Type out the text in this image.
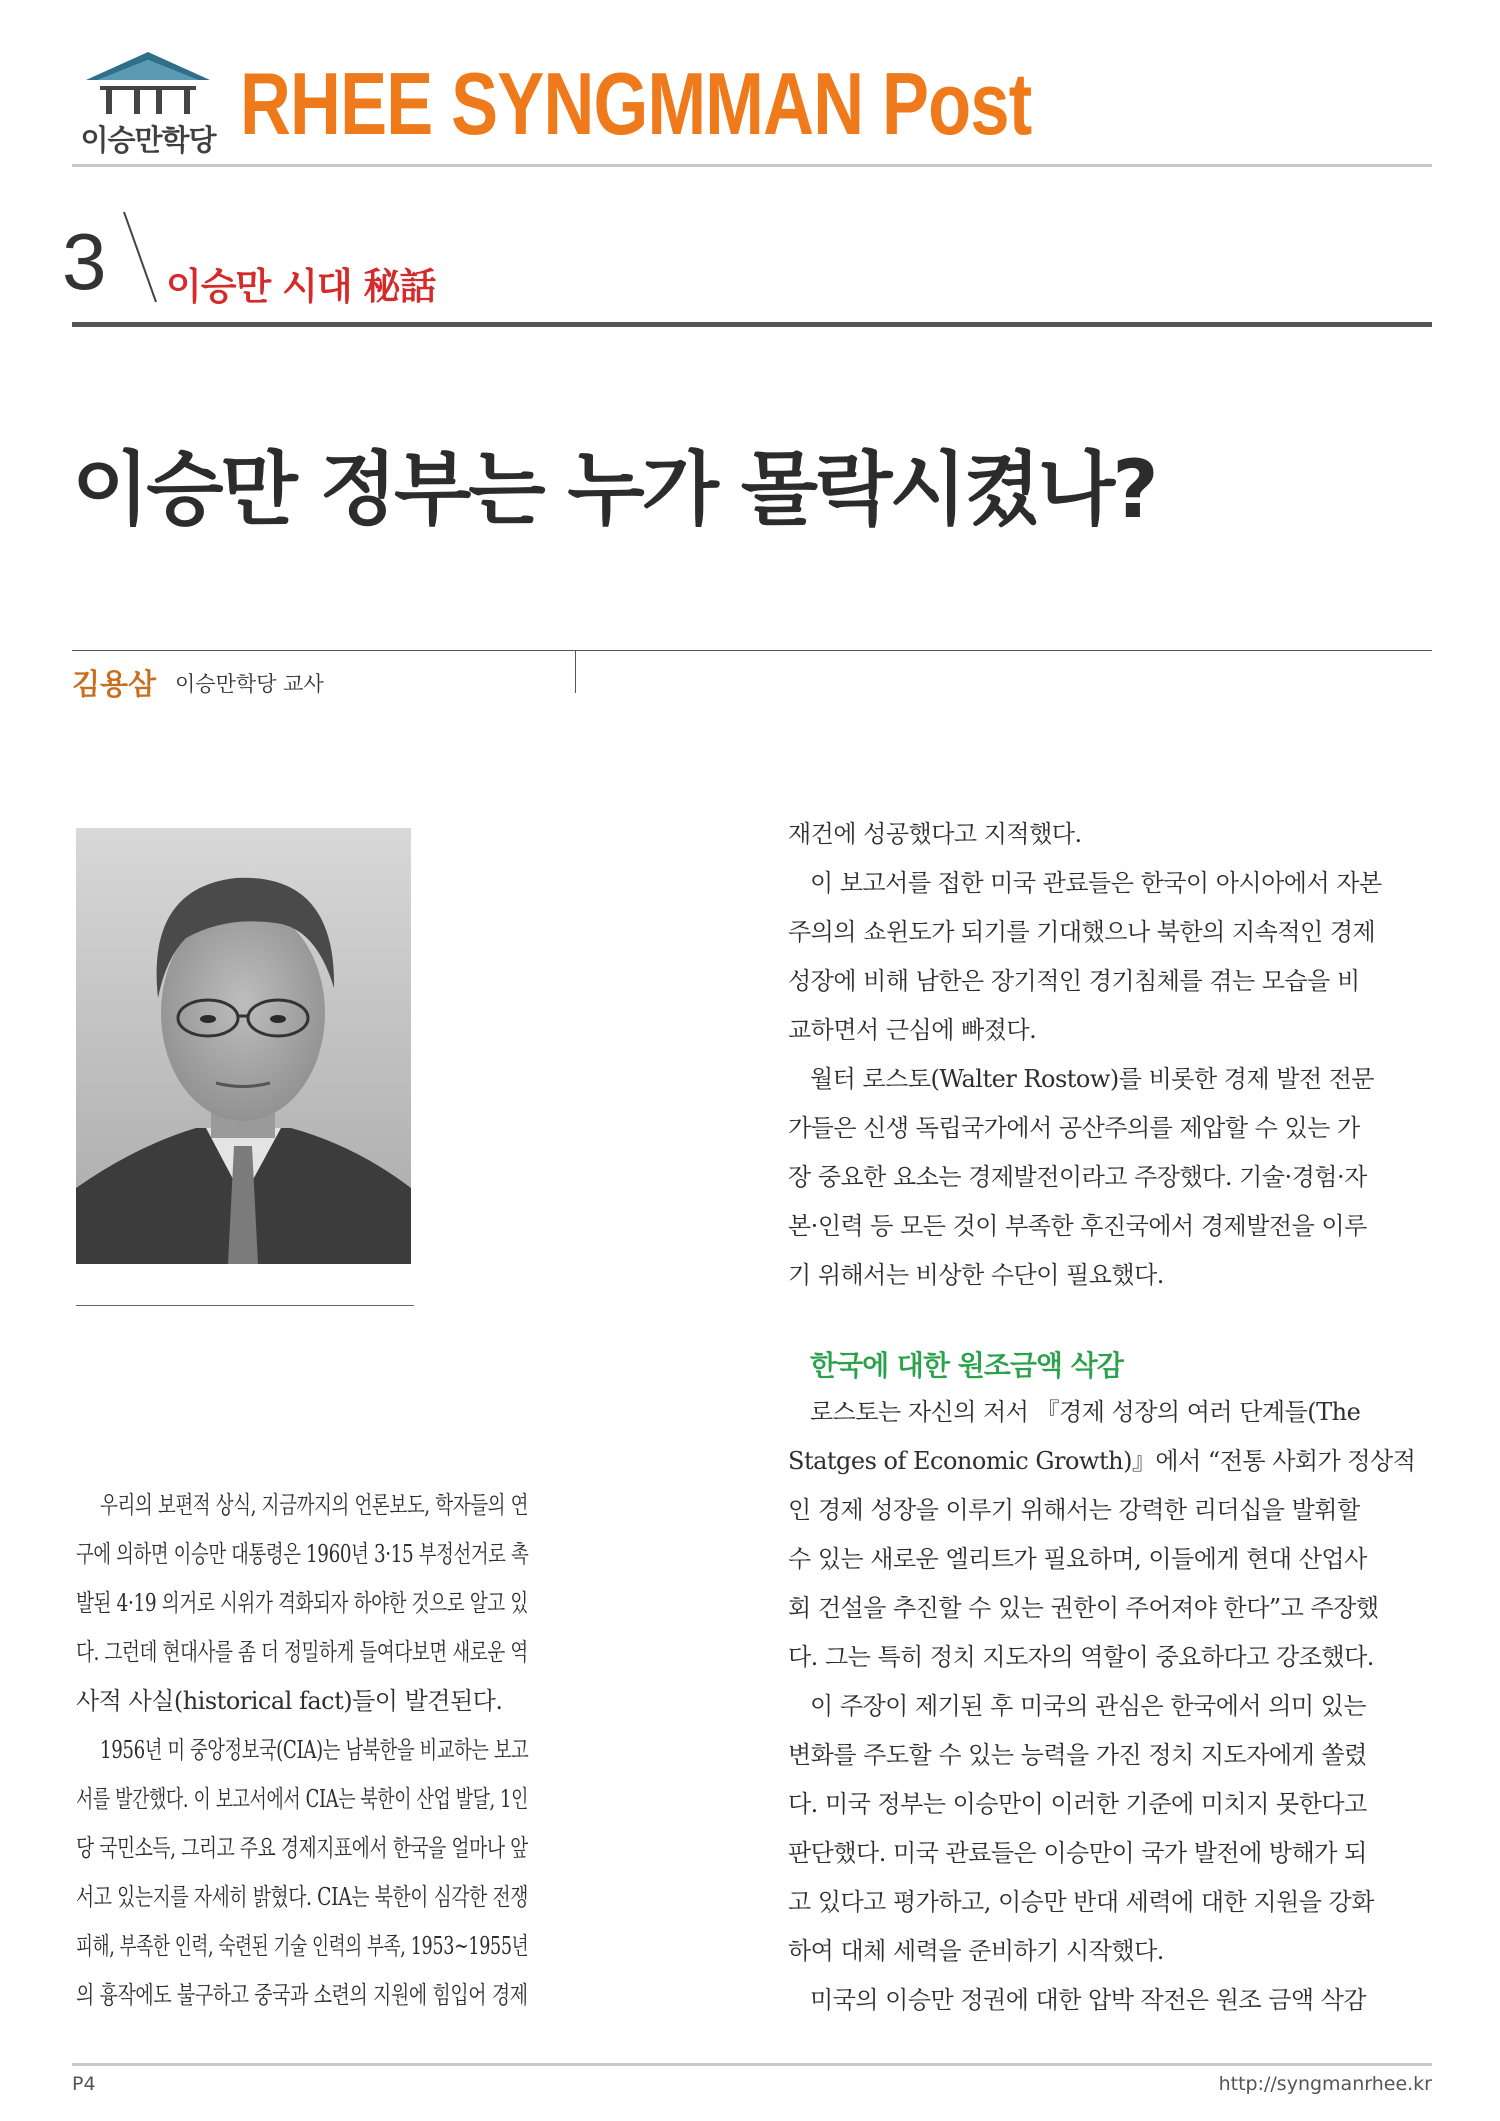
이승만학당 RHEE SYNGMMAN Post
3 이승만 시대 秘話
이승만 정부는 누가 몰락시켰나?
김용삼 이승만학당 교사
우리의 보편적 상식, 지금까지의 언론보도, 학자들의 연
구에 의하면 이승만 대통령은 1960년 3·15 부정선거로 촉
발된 4·19 의거로 시위가 격화되자 하야한 것으로 알고 있
다. 그런데 현대사를 좀 더 정밀하게 들여다보면 새로운 역
사적 사실(historical fact)들이 발견된다.
1956년 미 중앙정보국(CIA)는 남북한을 비교하는 보고
서를 발간했다. 이 보고서에서 CIA는 북한이 산업 발달, 1인
당 국민소득, 그리고 주요 경제지표에서 한국을 얼마나 앞
서고 있는지를 자세히 밝혔다. CIA는 북한이 심각한 전쟁
피해, 부족한 인력, 숙련된 기술 인력의 부족, 1953~1955년
의 흉작에도 불구하고 중국과 소련의 지원에 힘입어 경제
재건에 성공했다고 지적했다.
이 보고서를 접한 미국 관료들은 한국이 아시아에서 자본
주의의 쇼윈도가 되기를 기대했으나 북한의 지속적인 경제
성장에 비해 남한은 장기적인 경기침체를 겪는 모습을 비
교하면서 근심에 빠졌다.
월터 로스토(Walter Rostow)를 비롯한 경제 발전 전문
가들은 신생 독립국가에서 공산주의를 제압할 수 있는 가
장 중요한 요소는 경제발전이라고 주장했다. 기술·경험·자
본·인력 등 모든 것이 부족한 후진국에서 경제발전을 이루
기 위해서는 비상한 수단이 필요했다.
한국에 대한 원조금액 삭감
로스토는 자신의 저서 『경제 성장의 여러 단계들(The
Statges of Economic Growth)』에서 “전통 사회가 정상적
인 경제 성장을 이루기 위해서는 강력한 리더십을 발휘할
수 있는 새로운 엘리트가 필요하며, 이들에게 현대 산업사
회 건설을 추진할 수 있는 권한이 주어져야 한다”고 주장했
다. 그는 특히 정치 지도자의 역할이 중요하다고 강조했다.
이 주장이 제기된 후 미국의 관심은 한국에서 의미 있는
변화를 주도할 수 있는 능력을 가진 정치 지도자에게 쏠렸
다. 미국 정부는 이승만이 이러한 기준에 미치지 못한다고
판단했다. 미국 관료들은 이승만이 국가 발전에 방해가 되
고 있다고 평가하고, 이승만 반대 세력에 대한 지원을 강화
하여 대체 세력을 준비하기 시작했다.
미국의 이승만 정권에 대한 압박 작전은 원조 금액 삭감
P4	http://syngmanrhee.kr
